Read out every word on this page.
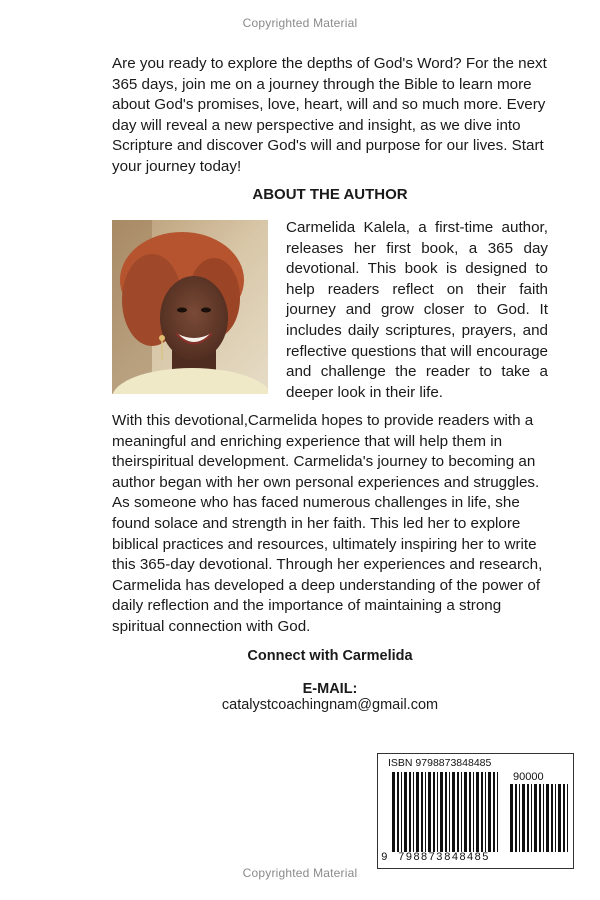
Copyrighted Material

Are you ready to explore the depths of God's Word? For the next 365 days, join me on a journey through the Bible to learn more about God's promises, love, heart, will and so much more. Every day will reveal a new perspective and insight, as we dive into Scripture and discover God's will and purpose for our lives. Start your journey today!

ABOUT THE AUTHOR

Carmelida Kalela, a first-time author, releases her first book, a 365 day devotional. This book is designed to help readers reflect on their faith journey and grow closer to God. It includes daily scriptures, prayers, and reflective questions that will encourage and challenge the reader to take a deeper look in their life.

With this devotional,Carmelida hopes to provide readers with a meaningful and enriching experience that will help them in theirspiritual development. Carmelida's journey to becoming an author began with her own personal experiences and struggles. As someone who has faced numerous challenges in life, she found solace and strength in her faith. This led her to explore biblical practices and resources, ultimately inspiring her to write this 365-day devotional. Through her experiences and research, Carmelida has developed a deep understanding of the power of daily reflection and the importance of maintaining a strong spiritual connection with God.

Connect with Carmelida
E-MAIL:
catalystcoachingnam@gmail.com
ISBN 9798873848485
90000
9 798873 848485
Copyrighted Material
